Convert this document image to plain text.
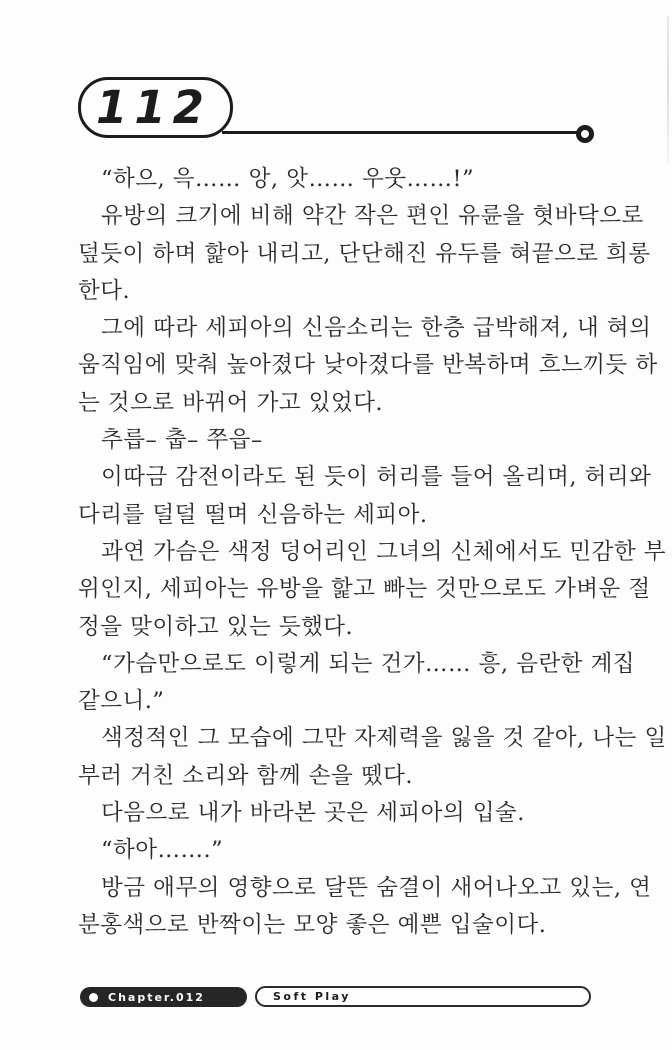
112
“하으, 윽…… 앙, 앗…… 우웃……!”
유방의 크기에 비해 약간 작은 편인 유륜을 혓바닥으로
덮듯이 하며 핥아 내리고, 단단해진 유두를 혀끝으로 희롱
한다.
그에 따라 세피아의 신음소리는 한층 급박해져, 내 혀의
움직임에 맞춰 높아졌다 낮아졌다를 반복하며 흐느끼듯 하
는 것으로 바뀌어 가고 있었다.
추릅– 춥– 쭈읍–
이따금 감전이라도 된 듯이 허리를 들어 올리며, 허리와
다리를 덜덜 떨며 신음하는 세피아.
과연 가슴은 색정 덩어리인 그녀의 신체에서도 민감한 부
위인지, 세피아는 유방을 핥고 빠는 것만으로도 가벼운 절
정을 맞이하고 있는 듯했다.
“가슴만으로도 이렇게 되는 건가…… 흥, 음란한 계집
같으니.”
색정적인 그 모습에 그만 자제력을 잃을 것 같아, 나는 일
부러 거친 소리와 함께 손을 뗐다.
다음으로 내가 바라본 곳은 세피아의 입술.
“하아…….”
방금 애무의 영향으로 달뜬 숨결이 새어나오고 있는, 연
분홍색으로 반짝이는 모양 좋은 예쁜 입술이다.
Chapter.012	Soft Play
